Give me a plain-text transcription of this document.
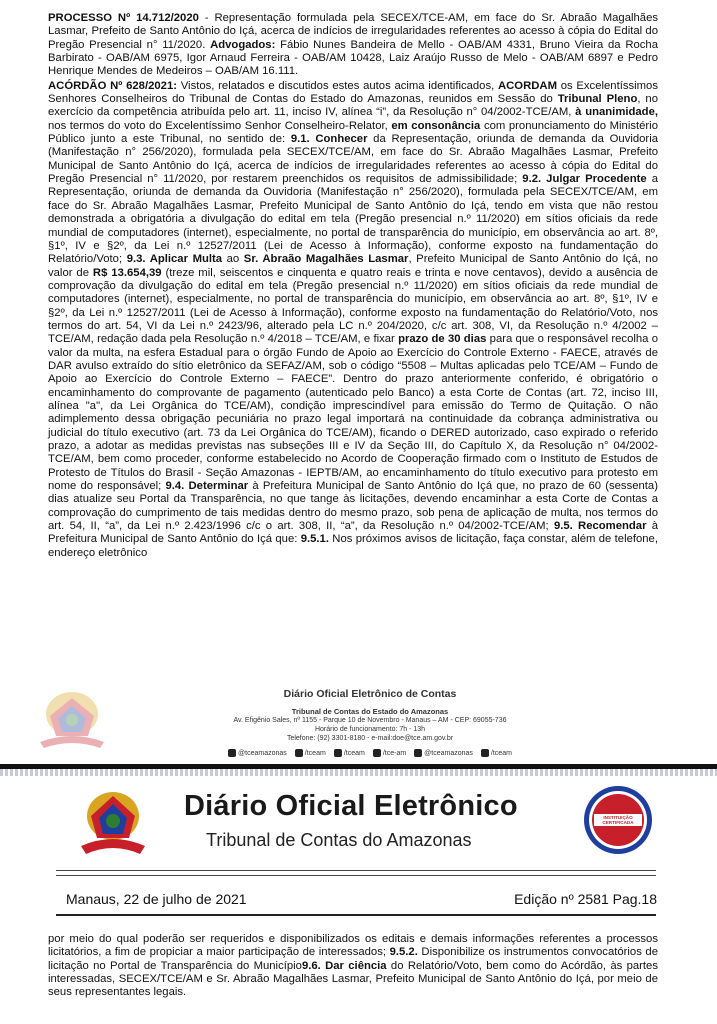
PROCESSO Nº 14.712/2020 - Representação formulada pela SECEX/TCE-AM, em face do Sr. Abraão Magalhães Lasmar, Prefeito de Santo Antônio do Içá, acerca de indícios de irregularidades referentes ao acesso à cópia do Edital do Pregão Presencial n° 11/2020. Advogados: Fábio Nunes Bandeira de Mello - OAB/AM 4331, Bruno Vieira da Rocha Barbirato - OAB/AM 6975, Igor Arnaud Ferreira - OAB/AM 10428, Laiz Araújo Russo de Melo - OAB/AM 6897 e Pedro Henrique Mendes de Medeiros – OAB/AM 16.111.

ACÓRDÃO Nº 628/2021: Vistos, relatados e discutidos estes autos acima identificados, ACORDAM os Excelentíssimos Senhores Conselheiros do Tribunal de Contas do Estado do Amazonas, reunidos em Sessão do Tribunal Pleno, no exercício da competência atribuída pelo art. 11, inciso IV, alínea “i”, da Resolução n° 04/2002-TCE/AM, à unanimidade, nos termos do voto do Excelentíssimo Senhor Conselheiro-Relator, em consonância com pronunciamento do Ministério Público junto a este Tribunal, no sentido de: 9.1. Conhecer da Representação, oriunda de demanda da Ouvidoria (Manifestação n° 256/2020), formulada pela SECEX/TCE/AM, em face do Sr. Abraão Magalhães Lasmar, Prefeito Municipal de Santo Antônio do Içá, acerca de indícios de irregularidades referentes ao acesso à cópia do Edital do Pregão Presencial n° 11/2020, por restarem preenchidos os requisitos de admissibilidade; 9.2. Julgar Procedente a Representação, oriunda de demanda da Ouvidoria (Manifestação n° 256/2020), formulada pela SECEX/TCE/AM, em face do Sr. Abraão Magalhães Lasmar, Prefeito Municipal de Santo Antônio do Içá, tendo em vista que não restou demonstrada a obrigatória a divulgação do edital em tela (Pregão presencial n.º 11/2020) em sítios oficiais da rede mundial de computadores (internet), especialmente, no portal de transparência do município, em observância ao art. 8º, §1º, IV e §2º, da Lei n.º 12527/2011 (Lei de Acesso à Informação), conforme exposto na fundamentação do Relatório/Voto; 9.3. Aplicar Multa ao Sr. Abraão Magalhães Lasmar, Prefeito Municipal de Santo Antônio do Içá, no valor de R$ 13.654,39 (treze mil, seiscentos e cinquenta e quatro reais e trinta e nove centavos), devido a ausência de comprovação da divulgação do edital em tela (Pregão presencial n.º 11/2020) em sítios oficiais da rede mundial de computadores (internet), especialmente, no portal de transparência do município, em observância ao art. 8º, §1º, IV e §2º, da Lei n.º 12527/2011 (Lei de Acesso à Informação), conforme exposto na fundamentação do Relatório/Voto, nos termos do art. 54, VI da Lei n.º 2423/96, alterado pela LC n.º 204/2020, c/c art. 308, VI, da Resolução n.º 4/2002 – TCE/AM, redação dada pela Resolução n.º 4/2018 – TCE/AM, e fixar prazo de 30 dias para que o responsável recolha o valor da multa, na esfera Estadual para o órgão Fundo de Apoio ao Exercício do Controle Externo - FAECE, através de DAR avulso extraído do sítio eletrônico da SEFAZ/AM, sob o código “5508 – Multas aplicadas pelo TCE/AM – Fundo de Apoio ao Exercício do Controle Externo – FAECE”. Dentro do prazo anteriormente conferido, é obrigatório o encaminhamento do comprovante de pagamento (autenticado pelo Banco) a esta Corte de Contas (art. 72, inciso III, alínea "a", da Lei Orgânica do TCE/AM), condição imprescindível para emissão do Termo de Quitação. O não adimplemento dessa obrigação pecuniária no prazo legal importará na continuidade da cobrança administrativa ou judicial do título executivo (art. 73 da Lei Orgânica do TCE/AM), ficando o DERED autorizado, caso expirado o referido prazo, a adotar as medidas previstas nas subseções III e IV da Seção III, do Capítulo X, da Resolução n° 04/2002-TCE/AM, bem como proceder, conforme estabelecido no Acordo de Cooperação firmado com o Instituto de Estudos de Protesto de Títulos do Brasil - Seção Amazonas - IEPTB/AM, ao encaminhamento do título executivo para protesto em nome do responsável; 9.4. Determinar à Prefeitura Municipal de Santo Antônio do Içá que, no prazo de 60 (sessenta) dias atualize seu Portal da Transparência, no que tange às licitações, devendo encaminhar a esta Corte de Contas a comprovação do cumprimento de tais medidas dentro do mesmo prazo, sob pena de aplicação de multa, nos termos do art. 54, II, “a”, da Lei n.º 2.423/1996 c/c o art. 308, II, “a”, da Resolução n.º 04/2002-TCE/AM; 9.5. Recomendar à Prefeitura Municipal de Santo Antônio do Içá que: 9.5.1. Nos próximos avisos de licitação, faça constar, além de telefone, endereço eletrônico

Diário Oficial Eletrônico de Contas
Tribunal de Contas do Estado do Amazonas
Av. Efigênio Sales, nº 1155 - Parque 10 de Novembro - Manaus – AM - CEP: 69055-736
Horário de funcionamento: 7h - 13h
Telefone: (92) 3301-8180 - e-mail:doe@tce.am.gov.br
@tceamazonas	/tceam	/tceam	/tce-am	@tceamazonas	/tceam
Diário Oficial Eletrônico

Tribunal de Contas do Amazonas

INSTITUIÇÃO CERTIFICADA

Manaus, 22 de julho de 2021	Edição nº 2581 Pag.18

por meio do qual poderão ser requeridos e disponibilizados os editais e demais informações referentes a processos licitatórios, a fim de propiciar a maior participação de interessados; 9.5.2. Disponibilize os instrumentos convocatórios de licitação no Portal de Transparência do Município9.6. Dar ciência do Relatório/Voto, bem como do Acórdão, às partes interessadas, SECEX/TCE/AM e Sr. Abraão Magalhães Lasmar, Prefeito Municipal de Santo Antônio do Içá, por meio de seus representantes legais.
